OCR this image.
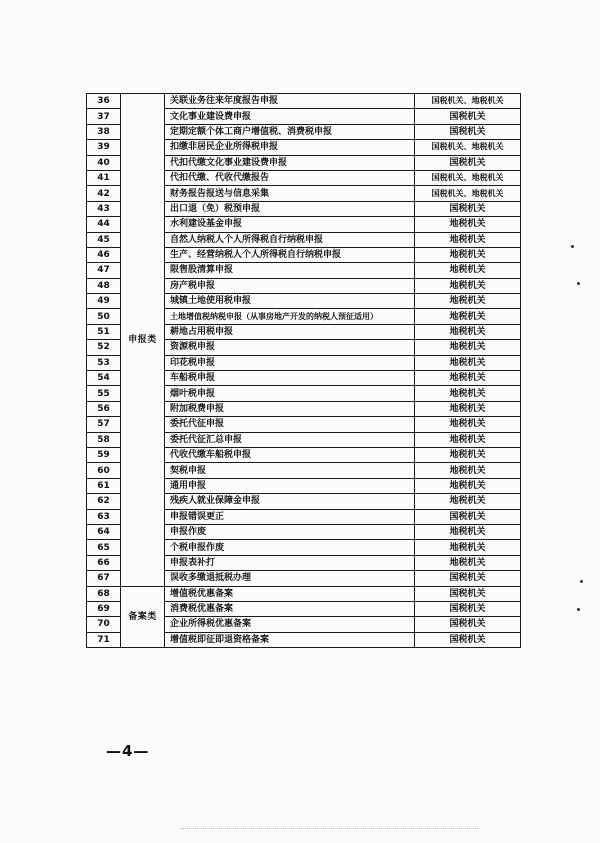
36	申报类	关联业务往来年度报告申报	国税机关、地税机关
37		文化事业建设费申报	国税机关
38		定期定额个体工商户增值税、消费税申报	国税机关
39		扣缴非居民企业所得税申报	国税机关、地税机关
40		代扣代缴文化事业建设费申报	国税机关
41		代扣代缴、代收代缴报告	国税机关、地税机关
42		财务报告报送与信息采集	国税机关、地税机关
43		出口退（免）税预申报	国税机关
44		水利建设基金申报	地税机关
45		自然人纳税人个人所得税自行纳税申报	地税机关
46		生产、经营纳税人个人所得税自行纳税申报	地税机关
47		限售股清算申报	地税机关
48		房产税申报	地税机关
49		城镇土地使用税申报	地税机关
50		土地增值税纳税申报（从事房地产开发的纳税人预征适用）	地税机关
51		耕地占用税申报	地税机关
52		资源税申报	地税机关
53		印花税申报	地税机关
54		车船税申报	地税机关
55		烟叶税申报	地税机关
56		附加税费申报	地税机关
57		委托代征申报	地税机关
58		委托代征汇总申报	地税机关
59		代收代缴车船税申报	地税机关
60		契税申报	地税机关
61		通用申报	地税机关
62		残疾人就业保障金申报	地税机关
63		申报错误更正	国税机关
64		申报作废	地税机关
65		个税申报作废	地税机关
66		申报表补打	地税机关
67		误收多缴退抵税办理	国税机关
68	备案类	增值税优惠备案	国税机关
69		消费税优惠备案	国税机关
70		企业所得税优惠备案	国税机关
71		增值税即征即退资格备案	国税机关
—4—
